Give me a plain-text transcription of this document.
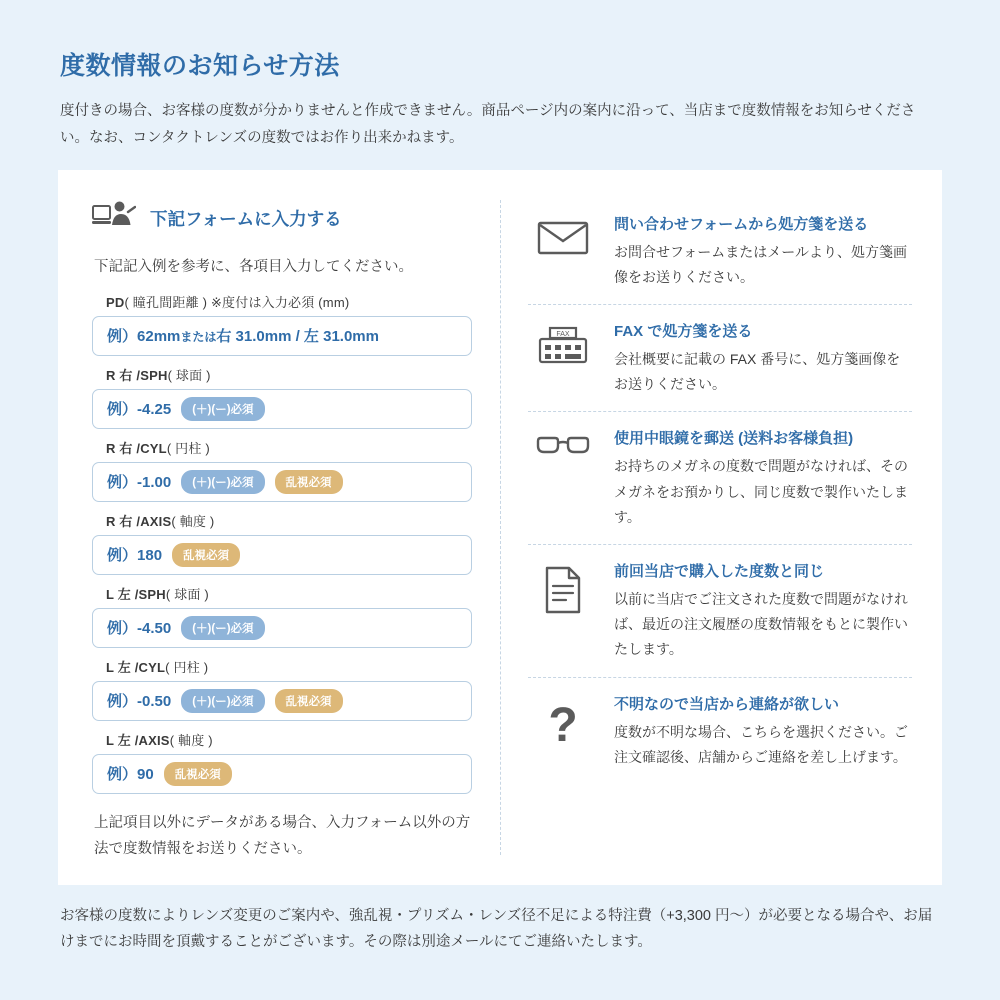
度数情報のお知らせ方法

度付きの場合、お客様の度数が分かりませんと作成できません。商品ページ内の案内に沿って、当店まで度数情報をお知らせください。なお、コンタクトレンズの度数ではお作り出来かねます。

下記フォームに入力する

下記記入例を参考に、各項目入力してください。

PD( 瞳孔間距離 ) ※度付は入力必須 (mm)
例）62mmまたは右 31.0mm / 左 31.0mm
R 右 /SPH( 球面 )
例）-4.25	(＋)(ー)必須
R 右 /CYL( 円柱 )
例）-1.00	(＋)(ー)必須	乱視必須
R 右 /AXIS( 軸度 )
例）180	乱視必須
L 左 /SPH( 球面 )
例）-4.50	(＋)(ー)必須
L 左 /CYL( 円柱 )
例）-0.50	(＋)(ー)必須	乱視必須
L 左 /AXIS( 軸度 )
例）90	乱視必須

上記項目以外にデータがある場合、入力フォーム以外の方法で度数情報をお送りください。

問い合わせフォームから処方箋を送る
お問合せフォームまたはメールより、処方箋画像をお送りください。
FAX	FAX で処方箋を送る
会社概要に記載の FAX 番号に、処方箋画像をお送りください。
使用中眼鏡を郵送 (送料お客様負担)
お持ちのメガネの度数で問題がなければ、そのメガネをお預かりし、同じ度数で製作いたします。
前回当店で購入した度数と同じ
以前に当店でご注文された度数で問題がなければ、最近の注文履歴の度数情報をもとに製作いたします。
? 不明なので当店から連絡が欲しい
度数が不明な場合、こちらを選択ください。ご注文確認後、店舗からご連絡を差し上げます。

お客様の度数によりレンズ変更のご案内や、強乱視・プリズム・レンズ径不足による特注費（+3,300 円〜）が必要となる場合や、お届けまでにお時間を頂戴することがございます。その際は別途メールにてご連絡いたします。
